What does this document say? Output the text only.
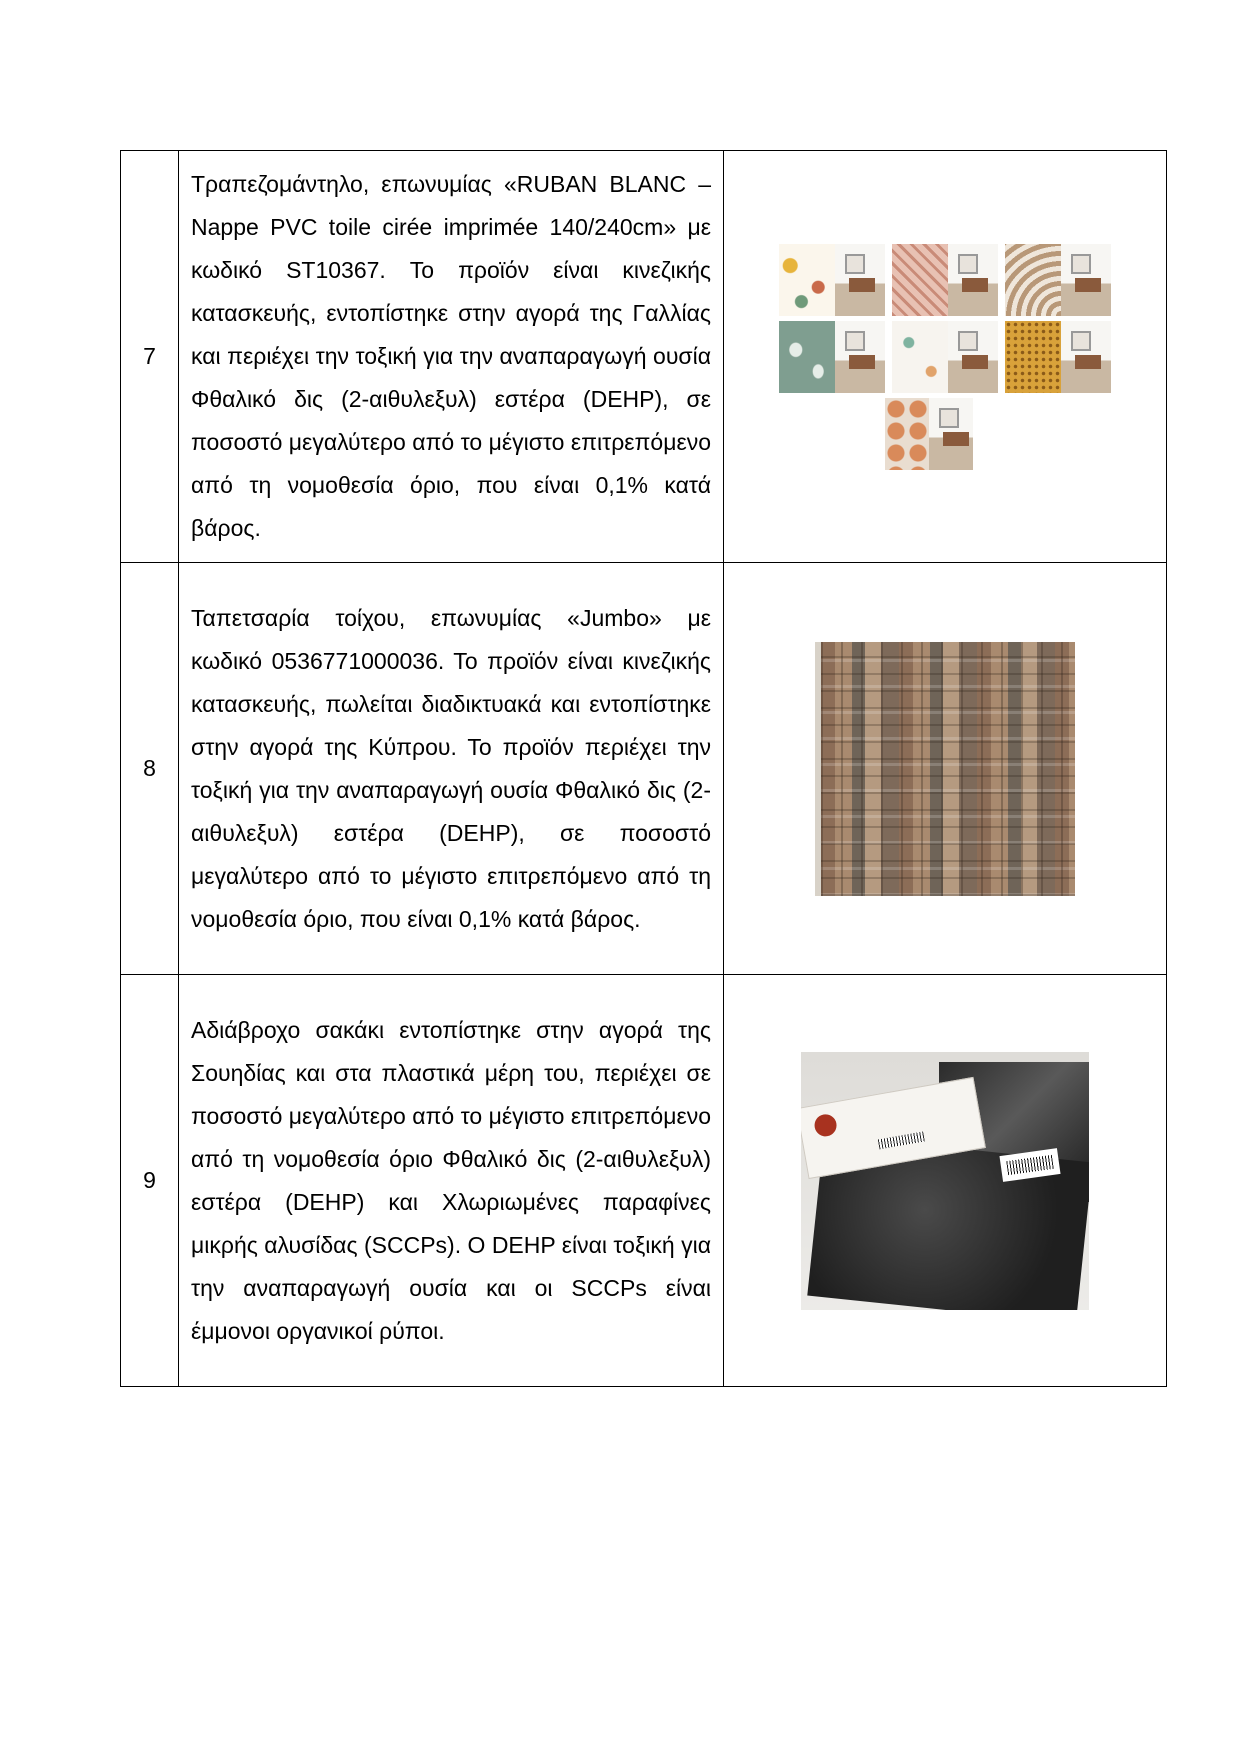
7	Τραπεζομάντηλο, επωνυμίας «RUBAN BLANC – Nappe PVC toile cirée imprimée 140/240cm» με κωδικό ST10367. Το προϊόν είναι κινεζικής κατασκευής, εντοπίστηκε στην αγορά της Γαλλίας και περιέχει την τοξική για την αναπαραγωγή ουσία Φθαλικό δις (2-αιθυλεξυλ) εστέρα (DEHP), σε ποσοστό μεγαλύτερο από το μέγιστο επιτρεπόμενο από τη νομοθεσία όριο, που είναι 0,1% κατά βάρος.	

8	Ταπετσαρία τοίχου, επωνυμίας «Jumbo» με κωδικό 0536771000036. Το προϊόν είναι κινεζικής κατασκευής, πωλείται διαδικτυακά και εντοπίστηκε στην αγορά της Κύπρου. Το προϊόν περιέχει την τοξική για την αναπαραγωγή ουσία Φθαλικό δις (2-αιθυλεξυλ) εστέρα (DEHP), σε ποσοστό μεγαλύτερο από το μέγιστο επιτρεπόμενο από τη νομοθεσία όριο, που είναι 0,1% κατά βάρος.	

9	Αδιάβροχο σακάκι εντοπίστηκε στην αγορά της Σουηδίας και στα πλαστικά μέρη του, περιέχει σε ποσοστό μεγαλύτερο από το μέγιστο επιτρεπόμενο από τη νομοθεσία όριο Φθαλικό δις (2-αιθυλεξυλ) εστέρα (DEHP) και Χλωριωμένες παραφίνες μικρής αλυσίδας (SCCPs). Ο DEHP είναι τοξική για την αναπαραγωγή ουσία και οι SCCPs είναι έμμονοι οργανικοί ρύποι.	
